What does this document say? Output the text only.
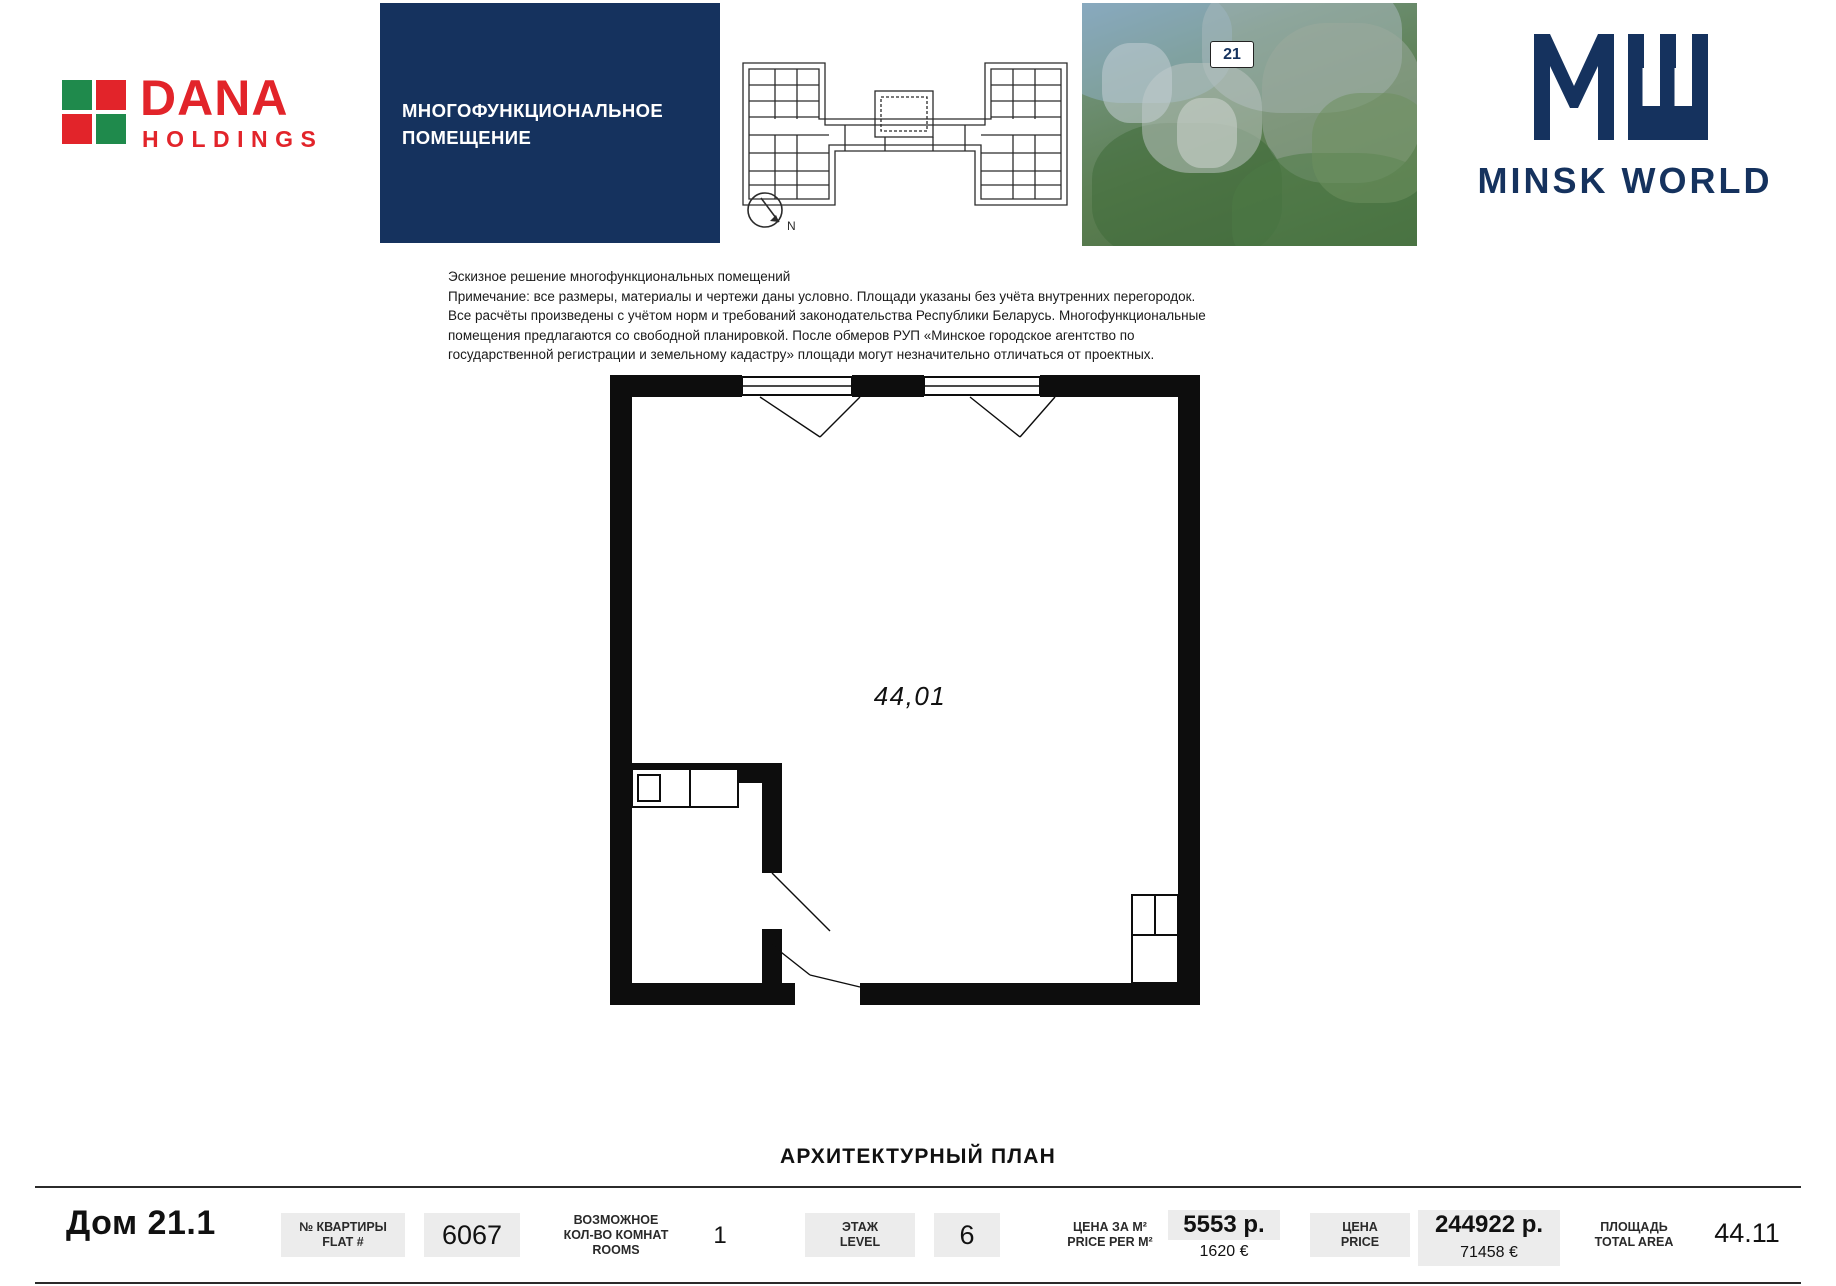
DANA
HOLDINGS
МНОГОФУНКЦИОНАЛЬНОЕ
ПОМЕЩЕНИЕ
N
21
MINSK WORLD
Эскизное решение многофункциональных помещений
Примечание: все размеры, материалы и чертежи даны условно. Площади указаны без учёта внутренних перегородок.
Все расчёты произведены с учётом норм и требований законодательства Республики Беларусь. Многофункциональные
помещения предлагаются со свободной планировкой. После обмеров РУП «Минское городское агентство по
государственной регистрации и земельному кадастру» площади могут незначительно отличаться от проектных.
44,01
АРХИТЕКТУРНЫЙ ПЛАН
Дом 21.1	№ КВАРТИРЫ
FLAT #	6067
ВОЗМОЖНОЕ
КОЛ-ВО КОМНАТ
ROOMS
1	ЭТАЖ
LEVEL	6	ЦЕНА ЗА М²
PRICE PER M²
5553 р.
1620 €
ЦЕНА
PRICE
244922 р.
71458 €
ПЛОЩАДЬ
TOTAL AREA	44.11
